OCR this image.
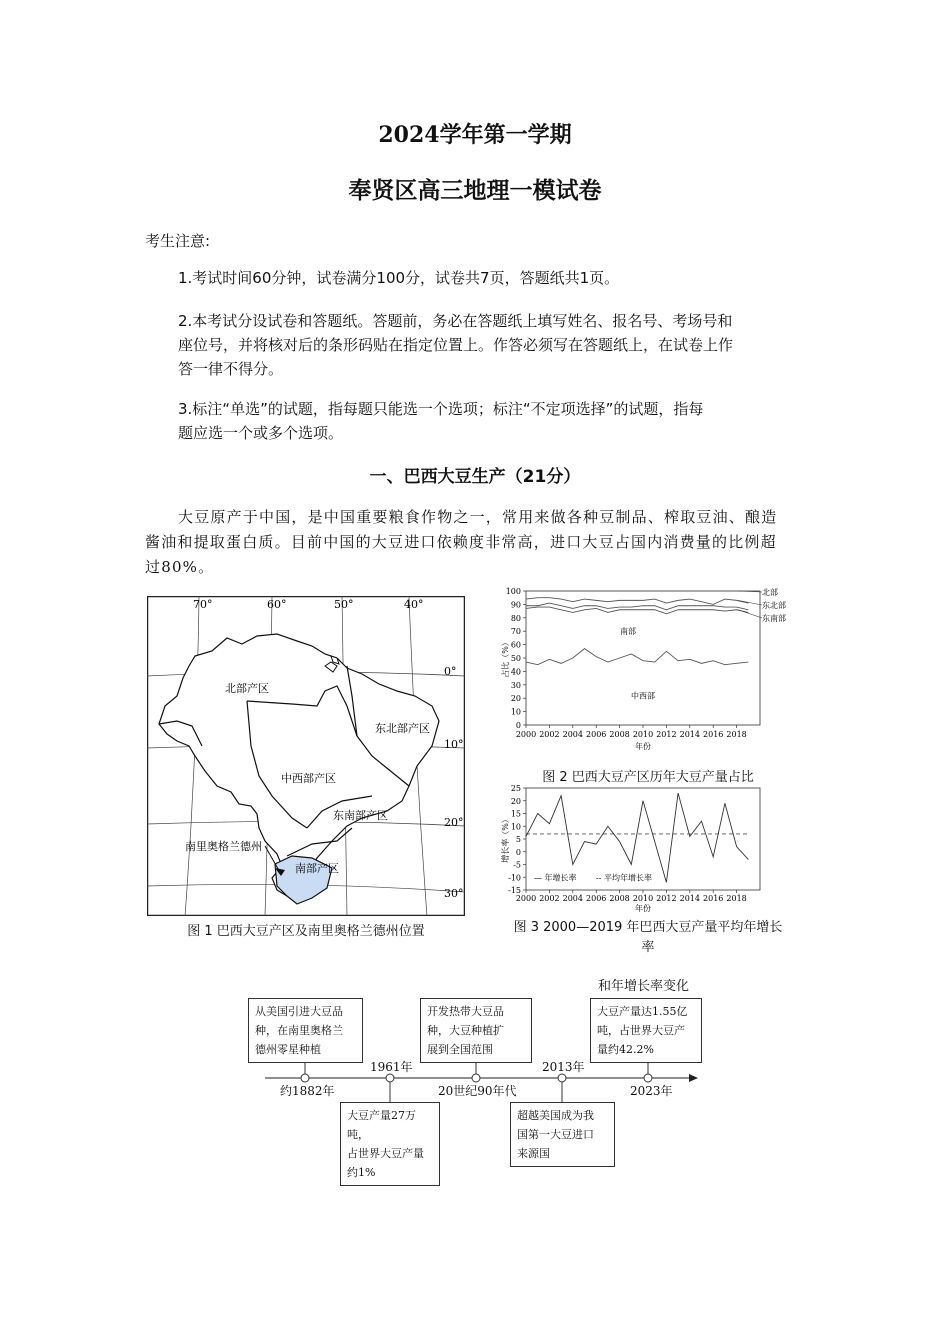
2024学年第一学期
奉贤区高三地理一模试卷
考生注意:
1.考试时间60分钟，试卷满分100分，试卷共7页，答题纸共1页。
2.本考试分设试卷和答题纸。答题前，务必在答题纸上填写姓名、报名号、考场号和
座位号，并将核对后的条形码贴在指定位置上。作答必须写在答题纸上，在试卷上作
答一律不得分。
3.标注“单选”的试题，指每题只能选一个选项；标注“不定项选择”的试题，指每
题应选一个或多个选项。
一、巴西大豆生产（21分）
大豆原产于中国，是中国重要粮食作物之一，常用来做各种豆制品、榨取豆油、酿造
酱油和提取蛋白质。目前中国的大豆进口依赖度非常高，进口大豆占国内消费量的比例超
过80%。
70°	60°	50°	40°
0°
10°
20°
30°
北部产区
东北部产区
中西部产区
东南部产区
南部产区
南里奥格兰德州
图 1 巴西大豆产区及南里奥格兰德州位置
0
10
20
30
40
50
60
70
80
90
100
2000 2002 2004 2006 2008 2010 2012 2014 2016 2018
年份
占比（%）
南部
中西部
北部
东北部
东南部
图 2 巴西大豆产区历年大豆产量占比
25
20
15
10
5
0
-5
-10
-15
2000 2002 2004 2006 2008 2010 2012 2014 2016 2018
年份
增长率（%）
— 年增长率 -- 平均年增长率
图 3 2000—2019 年巴西大豆产量平均年增长
率
和年增长率变化
从美国引进大豆品
种，在南里奥格兰
德州零星种植
开发热带大豆品
种，大豆种植扩
展到全国范围
大豆产量达1.55亿
吨，占世界大豆产
量约42.2%
大豆产量27万吨，
占世界大豆产量
约1%
超越美国成为我
国第一大豆进口
来源国
约1882年
1961年
20世纪90年代
2013年
2023年
